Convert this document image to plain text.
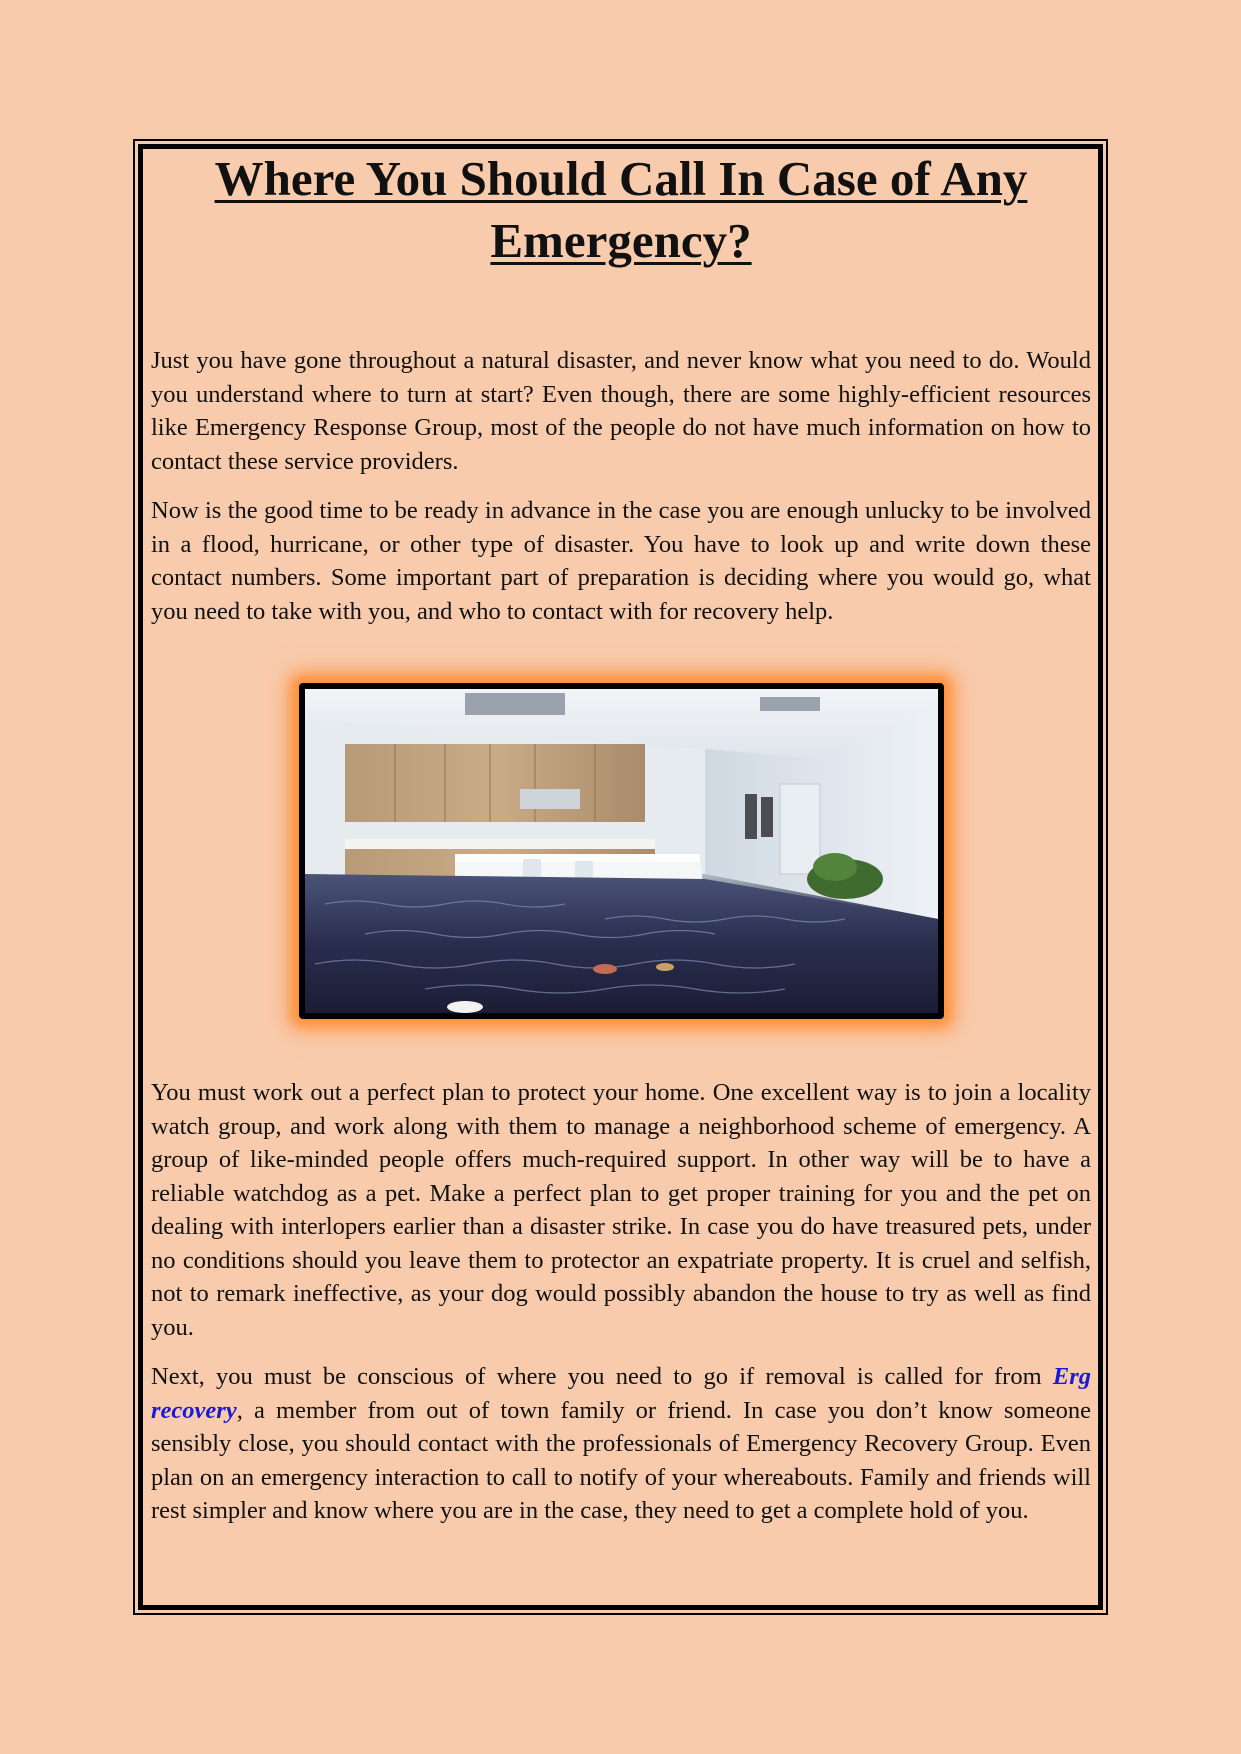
Where You Should Call In Case of Any Emergency?

Just you have gone throughout a natural disaster, and never know what you need to do. Would you understand where to turn at start? Even though, there are some highly-efficient resources like Emergency Response Group, most of the people do not have much information on how to contact these service providers.

Now is the good time to be ready in advance in the case you are enough unlucky to be involved in a flood, hurricane, or other type of disaster. You have to look up and write down these contact numbers. Some important part of preparation is deciding where you would go, what you need to take with you, and who to contact with for recovery help.

You must work out a perfect plan to protect your home. One excellent way is to join a locality watch group, and work along with them to manage a neighborhood scheme of emergency. A group of like-minded people offers much-required support. In other way will be to have a reliable watchdog as a pet. Make a perfect plan to get proper training for you and the pet on dealing with interlopers earlier than a disaster strike. In case you do have treasured pets, under no conditions should you leave them to protector an expatriate property. It is cruel and selfish, not to remark ineffective, as your dog would possibly abandon the house to try as well as find you.

Next, you must be conscious of where you need to go if removal is called for from Erg recovery, a member from out of town family or friend. In case you don’t know someone sensibly close, you should contact with the professionals of Emergency Recovery Group. Even plan on an emergency interaction to call to notify of your whereabouts. Family and friends will rest simpler and know where you are in the case, they need to get a complete hold of you.
